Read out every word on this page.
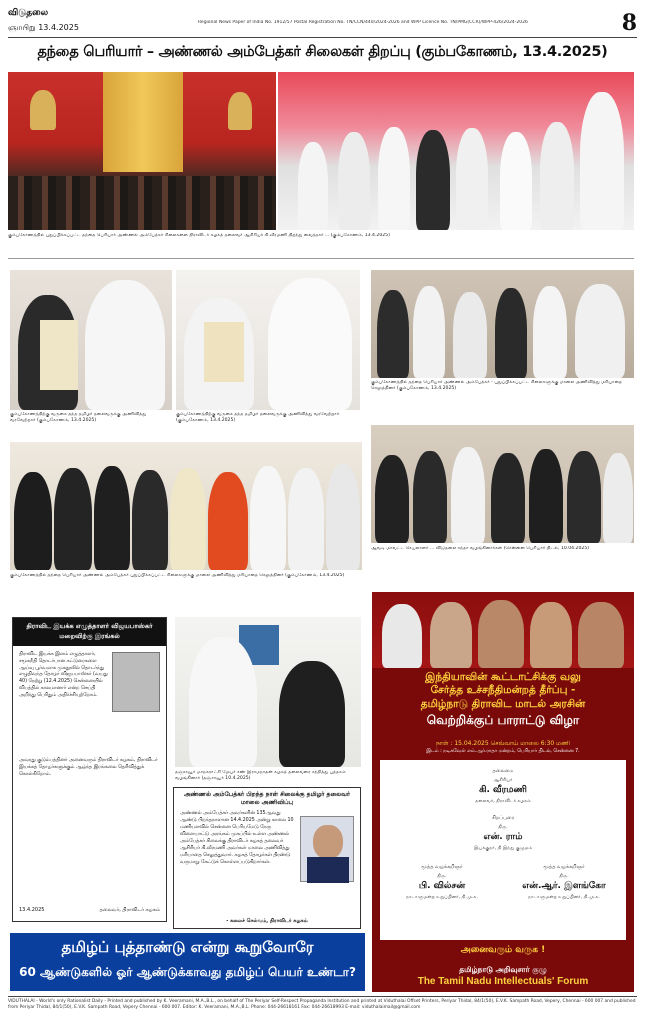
விடுதலை
ஞாயிறு 13.4.2025
Regional News Paper of India No. 1912/57 Postal Registration No. TN/CCN/440/2024-2026 and WPP Licence No. TN/PMG(CCR)/WPP-426/2024-2026	8
தந்தை பெரியார் – அண்ணல் அம்பேத்கர் சிலைகள் திறப்பு (கும்பகோணம், 13.4.2025)
கும்பகோணத்தில் புதுப்பிக்கப்பட்ட தந்தை பெரியார் அண்ணல் அம்பேத்கர் சிலைகளை திராவிடர் கழகத் தலைவர் ஆசிரியர் கி.வீரமணி திறந்து வைத்தார் ... (கும்பகோணம், 13.4.2025)
கும்பகோணத்திற்கு வருகை தந்த தமிழர் தலைவருக்கு அணிவித்து வரவேற்றார் (கும்பகோணம், 13.4.2025)
கும்பகோணத்திற்கு வருகை தந்த தமிழர் தலைவருக்கு அணிவித்து வரவேற்றார் (கும்பகோணம், 13.4.2025)
கும்பகோணத்தில் தந்தை பெரியார் அண்ணல் அம்பேத்கர் - புதுப்பிக்கப்பட்ட சிலைகளுக்கு மாலை அணிவித்து மரியாதை செலுத்தினர் (கும்பகோணம், 13.4.2025)
கும்பகோணத்தில் தந்தை பெரியார் அண்ணல் அம்பேத்கர் புதுப்பிக்கப்பட்ட சிலைகளுக்கு மாலை அணிவித்து மரியாதை செலுத்தினர் (கும்பகோணம், 13.4.2025)
ஆவடி மாவட்ட செயலாளர் ... விடுதலை சந்தா வழங்கினார்கள் (சென்னை பெரியார் திடல், 10.04.2025)
திராவிட இயக்க எழுத்தாளர் விஜயபாஸ்கர் மறைவிற்கு இரங்கல்
திராவிட இயக்க இளம் எழுத்தாளர், சமூகநீதி தொடர்பான கட்டுரைகளை ஆய்வு பூர்வமாக முகநூலில் தொடர்ந்து எழுதிவந்த தோழர் விஜயபாஸ்கர் (வயது 40) நேற்று (12.4.2025) சென்னையில் விபத்தில் காலமானார் என்ற செய்தி அறிந்து பெரிதும் அதிர்ச்சியுற்றோம்.
அவரது குடும்பத்தினர் அனைவரும் திராவிடர் கழகம், திராவிடர் இயக்கத் தோழர்களுக்கும் ஆழ்ந்த இரங்கலை தெரிவித்துக் கொள்கிறோம்.
13.4.2025	தலைவர், திராவிடர் கழகம்
தஞ்சாவூர் மாநகராட்சி மேயர் சண் இராமநாதன் கழகத் தலைவரை சந்தித்து புத்தகம் வழங்கினார் (தஞ்சாவூர் 10.4.2025)
அண்ணல் அம்பேத்கர் பிறந்த நாள் சிலைக்கு தமிழர் தலைவர் மாலை அணிவிப்பு
அண்ணல் அம்பேத்கர் அவர்களின் 135ஆவது ஆண்டு பிறந்தநாளான 14.4.2025 அன்று காலை 10 மணியளவில் சென்னை பெரியமேடு நேரு விளையாட்டு அரங்கம் முகப்பில் உள்ள அண்ணல் அம்பேத்கர் சிலைக்கு திராவிடர் கழகத் தலைவர் ஆசிரியர் கி.வீரமணி அவர்கள் மாலை அணிவித்து மரியாதை செலுத்துவார். கழகத் தோழர்கள் திரண்டு வருமாறு கேட்டுக் கொள்ளப்படுகிறார்கள்.
- கலைச் செல்வம், திராவிடர் கழகம்
தமிழ்ப் புத்தாண்டு என்று கூறுவோரே
60 ஆண்டுகளில் ஓர் ஆண்டுக்காவது தமிழ்ப் பெயர் உண்டா?
இந்தியாவின் கூட்டாட்சிக்கு வலு
சேர்த்த உச்சநீதிமன்றத் தீர்ப்பு -
தமிழ்நாடு திராவிட மாடல் அரசின்
வெற்றிக்குப் பாராட்டு விழா
நாள் : 15.04.2025 செவ்வாய் மாலை 6:30 மணி
இடம் : நடிகவேள் எம்.ஆர்.ராதா மன்றம், பெரியார் திடல், சென்னை 7.
தலைமை
ஆசிரியர்
கி. வீரமணி
தலைவர், திராவிடர் கழகம்
சிறப்புரை
திரு.
என். ராம்
இயக்குநர், தி இந்து குழுமம்
மூத்த வழக்கறிஞர்
திரு.
பி. வில்சன்
நாடாளுமன்ற உறுப்பினர், தி.மு.க.
மூத்த வழக்கறிஞர்
திரு.
என்.ஆர். இளங்கோ
நாடாளுமன்ற உறுப்பினர், தி.மு.க.
அனைவரும் வருக !
தமிழ்நாடு அறிவுசார் குழு
The Tamil Nadu Intellectuals' Forum
VIDUTHALAI - World's only Rationalist Daily - Printed and published by K. Veeramani, M.A.,B.L., on behalf of The Periyar Self-Respect Propaganda Institution and printed at Viduthalai Offset Printers, Periyar Thidal, 84/1(50), E.V.K. Sampath Road, Vepery, Chennai - 600 007 and published from Periyar Thidal, 84/1(50), E.V.K. Sampath Road, Vepery Chennai - 600 007. Editor: K. Veeramani, M.A.,B.L. Phone: 044-26618161 Fax: 044-26618993 E-mail: viduthalaimail@gmail.com
